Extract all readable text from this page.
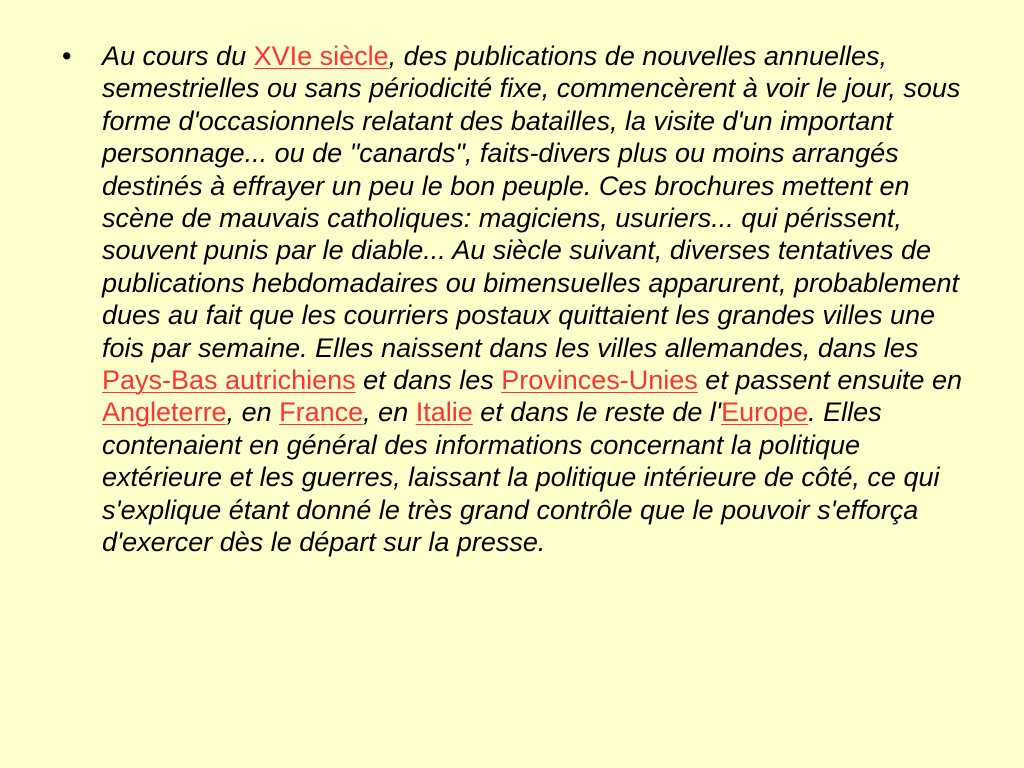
• Au cours du XVIe siècle, des publications de nouvelles annuelles, semestrielles ou sans périodicité fixe, commencèrent à voir le jour, sous forme d'occasionnels relatant des batailles, la visite d'un important personnage... ou de "canards", faits-divers plus ou moins arrangés destinés à effrayer un peu le bon peuple. Ces brochures mettent en scène de mauvais catholiques: magiciens, usuriers... qui périssent, souvent punis par le diable... Au siècle suivant, diverses tentatives de publications hebdomadaires ou bimensuelles apparurent, probablement dues au fait que les courriers postaux quittaient les grandes villes une fois par semaine. Elles naissent dans les villes allemandes, dans les Pays-Bas autrichiens et dans les Provinces-Unies et passent ensuite en Angleterre, en France, en Italie et dans le reste de l'Europe. Elles contenaient en général des informations concernant la politique extérieure et les guerres, laissant la politique intérieure de côté, ce qui s'explique étant donné le très grand contrôle que le pouvoir s'efforça d'exercer dès le départ sur la presse.
